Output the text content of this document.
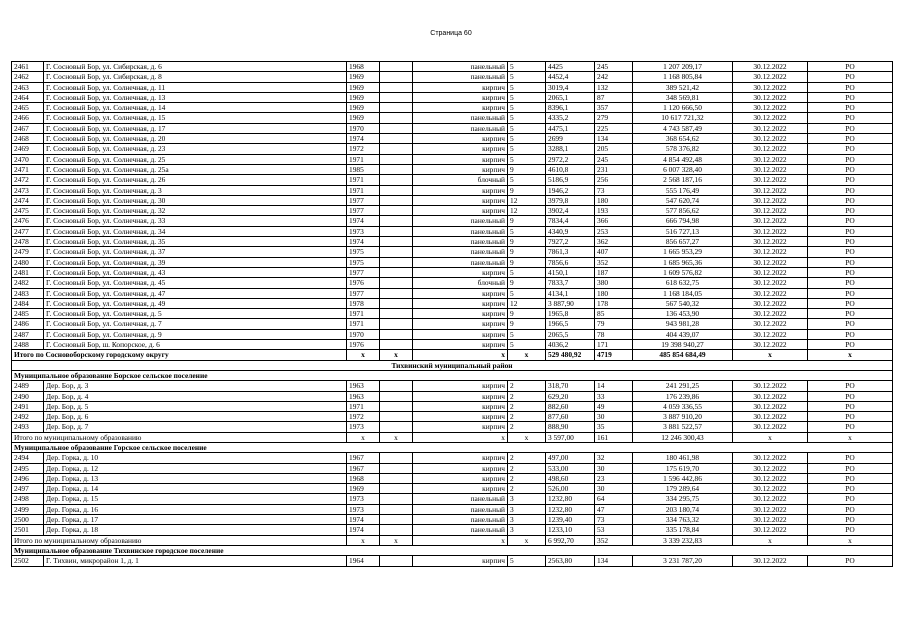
Страница 60
2461	Г. Сосновый Бор, ул. Сибирская, д. 6	1968		панельный	5	4425	245	1 207 209,17	30.12.2022	РО
2462	Г. Сосновый Бор, ул. Сибирская, д. 8	1969		панельный	5	4452,4	242	1 168 805,84	30.12.2022	РО
2463	Г. Сосновый Бор, ул. Солнечная, д. 11	1969		кирпич	5	3019,4	132	389 521,42	30.12.2022	РО
2464	Г. Сосновый Бор, ул. Солнечная, д. 13	1969		кирпич	5	2065,1	87	348 569,81	30.12.2022	РО
2465	Г. Сосновый Бор, ул. Солнечная, д. 14	1969		кирпич	5	8396,1	357	1 120 666,50	30.12.2022	РО
2466	Г. Сосновый Бор, ул. Солнечная, д. 15	1969		панельный	5	4335,2	279	10 617 721,32	30.12.2022	РО
2467	Г. Сосновый Бор, ул. Солнечная, д. 17	1970		панельный	5	4475,1	225	4 743 587,49	30.12.2022	РО
2468	Г. Сосновый Бор, ул. Солнечная, д. 20	1974		кирпич	5	2699	134	368 654,62	30.12.2022	РО
2469	Г. Сосновый Бор, ул. Солнечная, д. 23	1972		кирпич	5	3288,1	205	578 376,82	30.12.2022	РО
2470	Г. Сосновый Бор, ул. Солнечная, д. 25	1971		кирпич	5	2972,2	245	4 854 492,48	30.12.2022	РО
2471	Г. Сосновый Бор, ул. Солнечная, д. 25а	1985		кирпич	9	4610,8	231	6 007 328,40	30.12.2022	РО
2472	Г. Сосновый Бор, ул. Солнечная, д. 26	1971		блочный	5	5186,9	256	2 568 187,16	30.12.2022	РО
2473	Г. Сосновый Бор, ул. Солнечная, д. 3	1971		кирпич	9	1946,2	73	555 176,49	30.12.2022	РО
2474	Г. Сосновый Бор, ул. Солнечная, д. 30	1977		кирпич	12	3979,8	180	547 620,74	30.12.2022	РО
2475	Г. Сосновый Бор, ул. Солнечная, д. 32	1977		кирпич	12	3902,4	193	577 856,62	30.12.2022	РО
2476	Г. Сосновый Бор, ул. Солнечная, д. 33	1974		панельный	9	7834,4	366	666 794,98	30.12.2022	РО
2477	Г. Сосновый Бор, ул. Солнечная, д. 34	1973		панельный	5	4340,9	253	516 727,13	30.12.2022	РО
2478	Г. Сосновый Бор, ул. Солнечная, д. 35	1974		панельный	9	7927,2	362	856 657,27	30.12.2022	РО
2479	Г. Сосновый Бор, ул. Солнечная, д. 37	1975		панельный	9	7861,3	407	1 665 953,29	30.12.2022	РО
2480	Г. Сосновый Бор, ул. Солнечная, д. 39	1975		панельный	9	7856,6	352	1 685 965,36	30.12.2022	РО
2481	Г. Сосновый Бор, ул. Солнечная, д. 43	1977		кирпич	5	4150,1	187	1 609 576,82	30.12.2022	РО
2482	Г. Сосновый Бор, ул. Солнечная, д. 45	1976		блочный	9	7833,7	380	618 632,75	30.12.2022	РО
2483	Г. Сосновый Бор, ул. Солнечная, д. 47	1977		кирпич	5	4134,1	180	1 168 184,05	30.12.2022	РО
2484	Г. Сосновый Бор, ул. Солнечная, д. 49	1978		кирпич	12	3 887,90	178	567 540,32	30.12.2022	РО
2485	Г. Сосновый Бор, ул. Солнечная, д. 5	1971		кирпич	9	1965,8	85	136 453,90	30.12.2022	РО
2486	Г. Сосновый Бор, ул. Солнечная, д. 7	1971		кирпич	9	1966,5	79	943 981,28	30.12.2022	РО
2487	Г. Сосновый Бор, ул. Солнечная, д. 9	1970		кирпич	5	2065,5	78	404 439,07	30.12.2022	РО
2488	Г. Сосновый Бор, ш. Копорское, д. 6	1976		кирпич	5	4036,2	171	19 398 940,27	30.12.2022	РО
Итого по Сосновоборскому городскому округу		х	х	х	х	529 480,92	4719	485 854 684,49	х	х
Тихвинский муниципальный район										
Муниципальное образование Борское сельское поселение										
2489	Дер. Бор, д. 3	1963		кирпич	2	318,70	14	241 291,25	30.12.2022	РО
2490	Дер. Бор, д. 4	1963		кирпич	2	629,20	33	176 239,86	30.12.2022	РО
2491	Дер. Бор, д. 5	1971		кирпич	2	882,60	49	4 059 336,55	30.12.2022	РО
2492	Дер. Бор, д. 6	1972		кирпич	2	877,60	30	3 887 910,20	30.12.2022	РО
2493	Дер. Бор, д. 7	1973		кирпич	2	888,90	35	3 881 522,57	30.12.2022	РО
Итого по муниципальному образованию		х	х	х	х	3 597,00	161	12 246 300,43	х	х
Муниципальное образование Горское сельское поселение										
2494	Дер. Горка, д. 10	1967		кирпич	2	497,00	32	180 461,98	30.12.2022	РО
2495	Дер. Горка, д. 12	1967		кирпич	2	533,00	30	175 619,70	30.12.2022	РО
2496	Дер. Горка, д. 13	1968		кирпич	2	498,60	23	1 596 442,86	30.12.2022	РО
2497	Дер. Горка, д. 14	1969		кирпич	2	526,00	30	179 289,64	30.12.2022	РО
2498	Дер. Горка, д. 15	1973		панельный	3	1232,80	64	334 295,75	30.12.2022	РО
2499	Дер. Горка, д. 16	1973		панельный	3	1232,80	47	203 180,74	30.12.2022	РО
2500	Дер. Горка, д. 17	1974		панельный	3	1239,40	73	334 763,32	30.12.2022	РО
2501	Дер. Горка, д. 18	1974		панельный	3	1233,10	53	335 178,84	30.12.2022	РО
Итого по муниципальному образованию		х	х	х	х	6 992,70	352	3 339 232,83	х	х
Муниципальное образование Тихвинское городское поселение										
2502	Г. Тихвин, микрорайон 1, д. 1	1964		кирпич	5	2563,80	134	3 231 787,20	30.12.2022	РО
